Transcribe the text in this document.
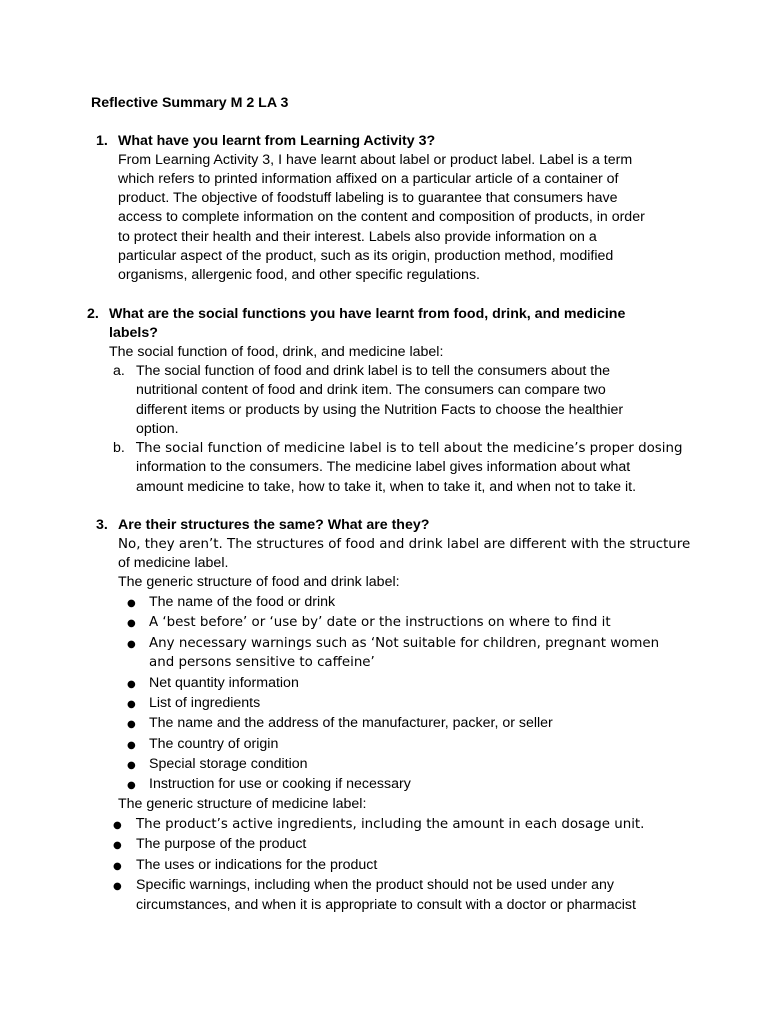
Reflective Summary M 2 LA 3
1. What have you learnt from Learning Activity 3?
From Learning Activity 3, I have learnt about label or product label. Label is a term
which refers to printed information affixed on a particular article of a container of
product. The objective of foodstuff labeling is to guarantee that consumers have
access to complete information on the content and composition of products, in order
to protect their health and their interest. Labels also provide information on a
particular aspect of the product, such as its origin, production method, modified
organisms, allergenic food, and other specific regulations.
2. What are the social functions you have learnt from food, drink, and medicine
labels?
The social function of food, drink, and medicine label:
a. The social function of food and drink label is to tell the consumers about the
nutritional content of food and drink item. The consumers can compare two
different items or products by using the Nutrition Facts to choose the healthier
option.
b. The social function of medicine label is to tell about the medicine’s proper dosing
information to the consumers. The medicine label gives information about what
amount medicine to take, how to take it, when to take it, and when not to take it.
3. Are their structures the same? What are they?
No, they aren’t. The structures of food and drink label are different with the structure
of medicine label.
The generic structure of food and drink label:
● The name of the food or drink
● A ‘best before’ or ‘use by’ date or the instructions on where to find it
● Any necessary warnings such as ‘Not suitable for children, pregnant women
and persons sensitive to caffeine’
● Net quantity information
● List of ingredients
● The name and the address of the manufacturer, packer, or seller
● The country of origin
● Special storage condition
● Instruction for use or cooking if necessary
The generic structure of medicine label:
● The product’s active ingredients, including the amount in each dosage unit.
● The purpose of the product
● The uses or indications for the product
● Specific warnings, including when the product should not be used under any
circumstances, and when it is appropriate to consult with a doctor or pharmacist
